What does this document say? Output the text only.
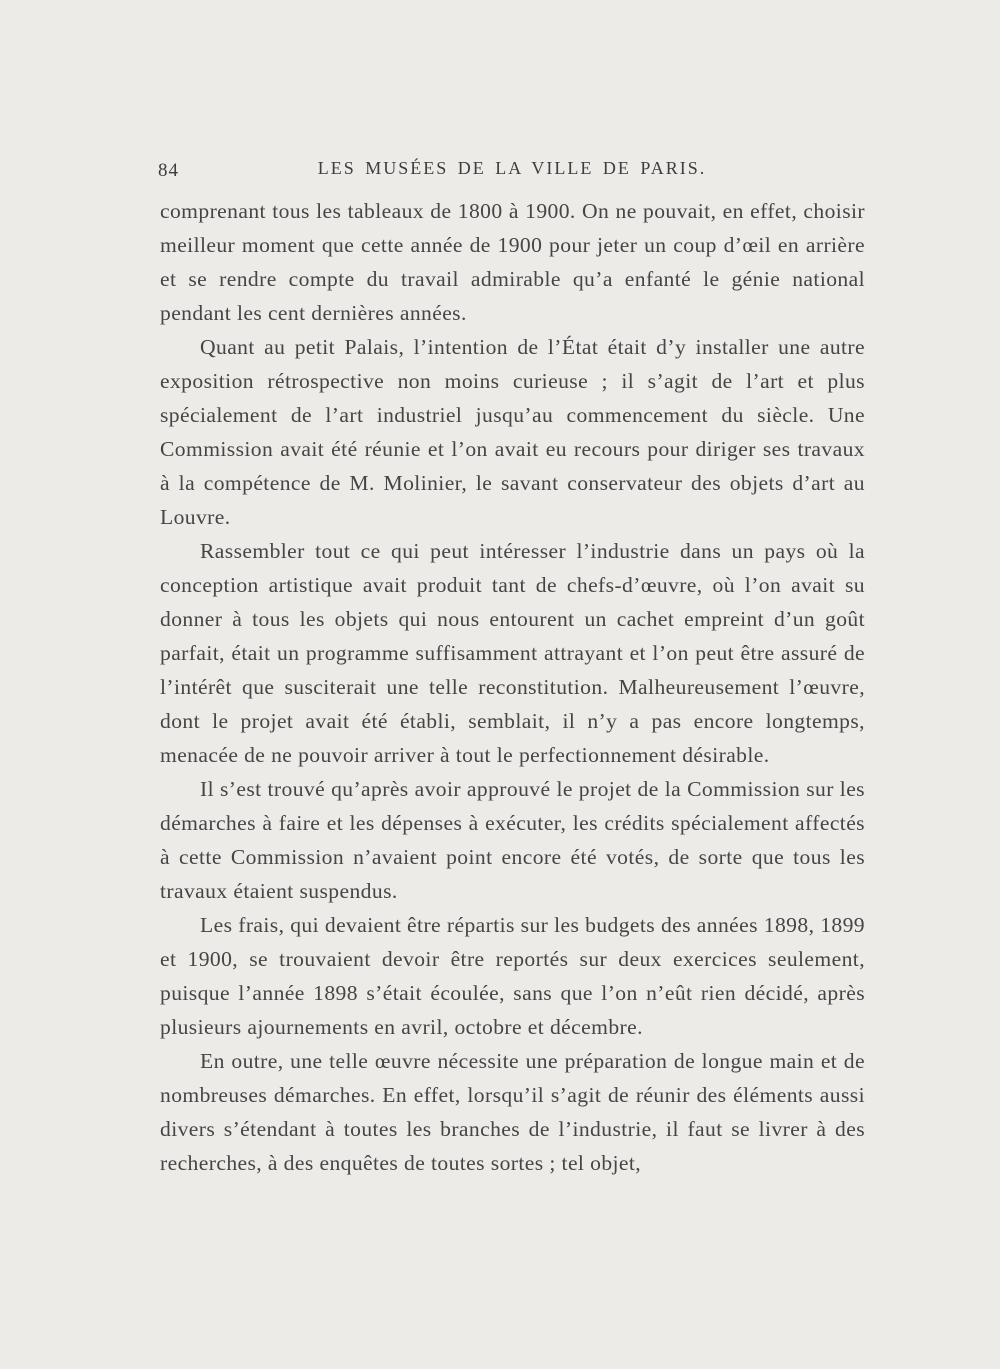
84	LES MUSÉES DE LA VILLE DE PARIS.

comprenant tous les tableaux de 1800 à 1900. On ne pouvait, en effet, choisir meilleur moment que cette année de 1900 pour jeter un coup d’œil en arrière et se rendre compte du travail admirable qu’a enfanté le génie national pendant les cent dernières années.

Quant au petit Palais, l’intention de l’État était d’y installer une autre exposition rétrospective non moins curieuse ; il s’agit de l’art et plus spécialement de l’art industriel jusqu’au commencement du siècle. Une Commission avait été réunie et l’on avait eu recours pour diriger ses travaux à la compétence de M. Molinier, le savant conservateur des objets d’art au Louvre.

Rassembler tout ce qui peut intéresser l’industrie dans un pays où la conception artistique avait produit tant de chefs-d’œuvre, où l’on avait su donner à tous les objets qui nous entourent un cachet empreint d’un goût parfait, était un programme suffisamment attrayant et l’on peut être assuré de l’intérêt que susciterait une telle reconstitution. Malheureusement l’œuvre, dont le projet avait été établi, semblait, il n’y a pas encore longtemps, menacée de ne pouvoir arriver à tout le perfectionnement désirable.

Il s’est trouvé qu’après avoir approuvé le projet de la Commission sur les démarches à faire et les dépenses à exécuter, les crédits spécialement affectés à cette Commission n’avaient point encore été votés, de sorte que tous les travaux étaient suspendus.

Les frais, qui devaient être répartis sur les budgets des années 1898, 1899 et 1900, se trouvaient devoir être reportés sur deux exercices seulement, puisque l’année 1898 s’était écoulée, sans que l’on n’eût rien décidé, après plusieurs ajournements en avril, octobre et décembre.

En outre, une telle œuvre nécessite une préparation de longue main et de nombreuses démarches. En effet, lorsqu’il s’agit de réunir des éléments aussi divers s’étendant à toutes les branches de l’industrie, il faut se livrer à des recherches, à des enquêtes de toutes sortes ; tel objet,
